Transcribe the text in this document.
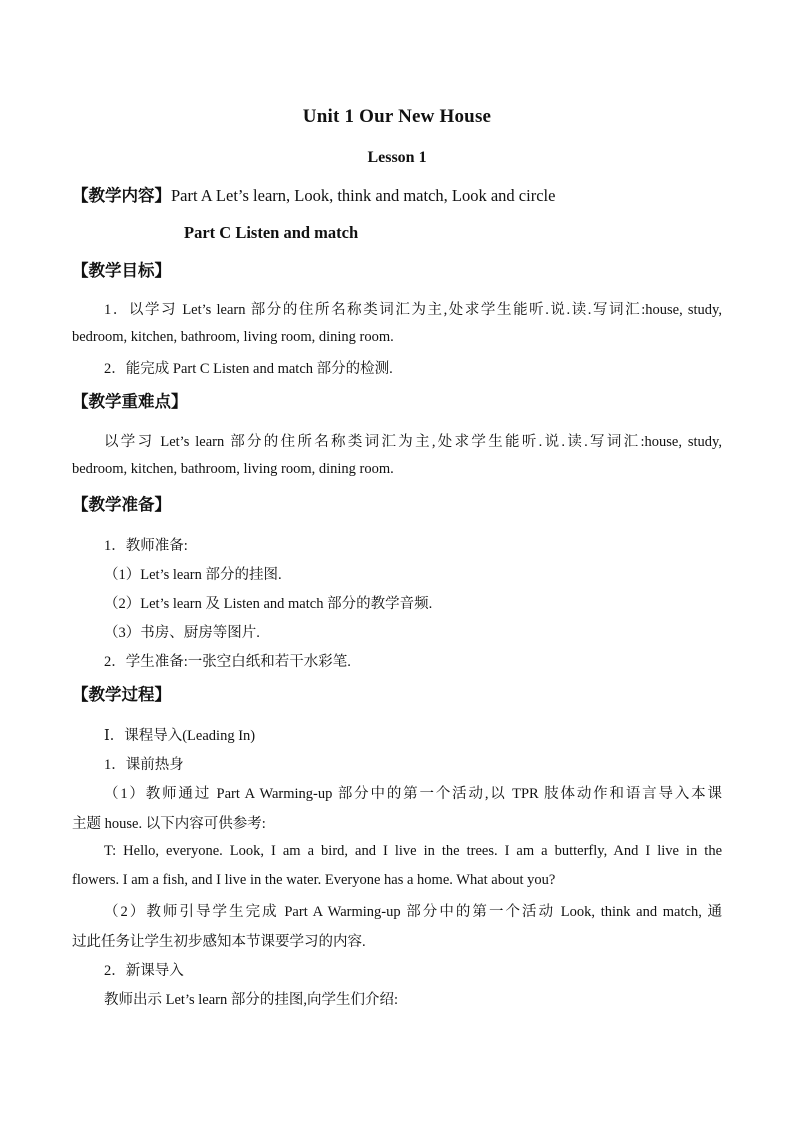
Unit 1 Our New House
Lesson 1
【教学内容】Part A Let’s learn, Look, think and match, Look and circle
Part C Listen and match
【教学目标】
1．以学习 Let’s learn 部分的住所名称类词汇为主,处求学生能听.说.读.写词汇:house, study,
bedroom, kitchen, bathroom, living room, dining room.
2．能完成 Part C Listen and match 部分的检测.
【教学重难点】
以学习 Let’s learn 部分的住所名称类词汇为主,处求学生能听.说.读.写词汇:house, study,
bedroom, kitchen, bathroom, living room, dining room.
【教学准备】
1．教师准备:
（1）Let’s learn 部分的挂图.
（2）Let’s learn 及 Listen and match 部分的教学音频.
（3）书房、厨房等图片.
2．学生准备:一张空白纸和若干水彩笔.
【教学过程】
Ⅰ．课程导入(Leading In)
1．课前热身
（1）教师通过 Part A Warming-up 部分中的第一个活动,以 TPR 肢体动作和语言导入本课
主题 house. 以下内容可供参考:
T: Hello, everyone. Look, I am a bird, and I live in the trees. I am a butterfly, And I live in the
flowers. I am a fish, and I live in the water. Everyone has a home. What about you?
（2）教师引导学生完成 Part A Warming-up 部分中的第一个活动 Look, think and match, 通
过此任务让学生初步感知本节课要学习的内容.
2．新课导入
教师出示 Let’s learn 部分的挂图,向学生们介绍:
